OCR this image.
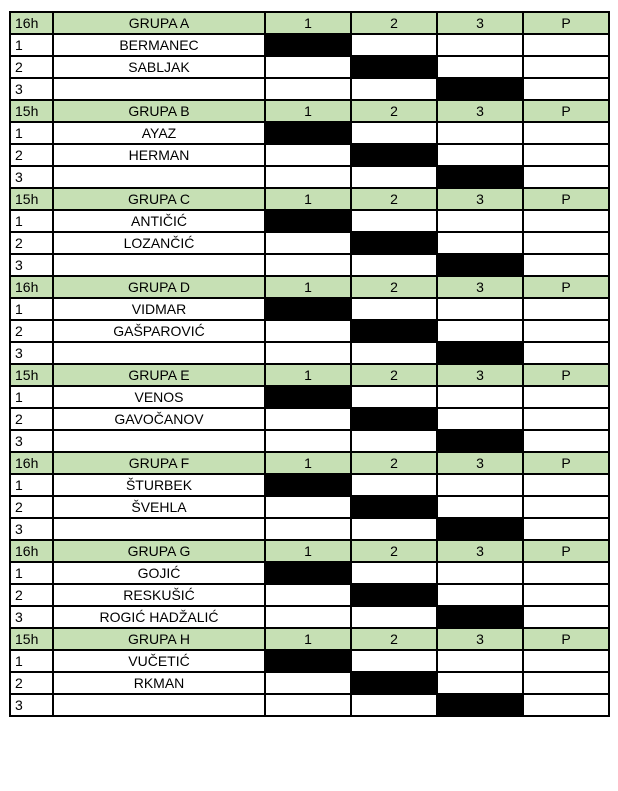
16h	GRUPA A	1	2	3	P
1	BERMANEC				
2	SABLJAK				
3					
15h	GRUPA B	1	2	3	P
1	AYAZ				
2	HERMAN				
3					
15h	GRUPA C	1	2	3	P
1	ANTIČIĆ				
2	LOZANČIĆ				
3					
16h	GRUPA D	1	2	3	P
1	VIDMAR				
2	GAŠPAROVIĆ				
3					
15h	GRUPA E	1	2	3	P
1	VENOS				
2	GAVOČANOV				
3					
16h	GRUPA F	1	2	3	P
1	ŠTURBEK				
2	ŠVEHLA				
3					
16h	GRUPA G	1	2	3	P
1	GOJIĆ				
2	RESKUŠIĆ				
3	ROGIĆ HADŽALIĆ				
15h	GRUPA H	1	2	3	P
1	VUČETIĆ				
2	RKMAN				
3					
